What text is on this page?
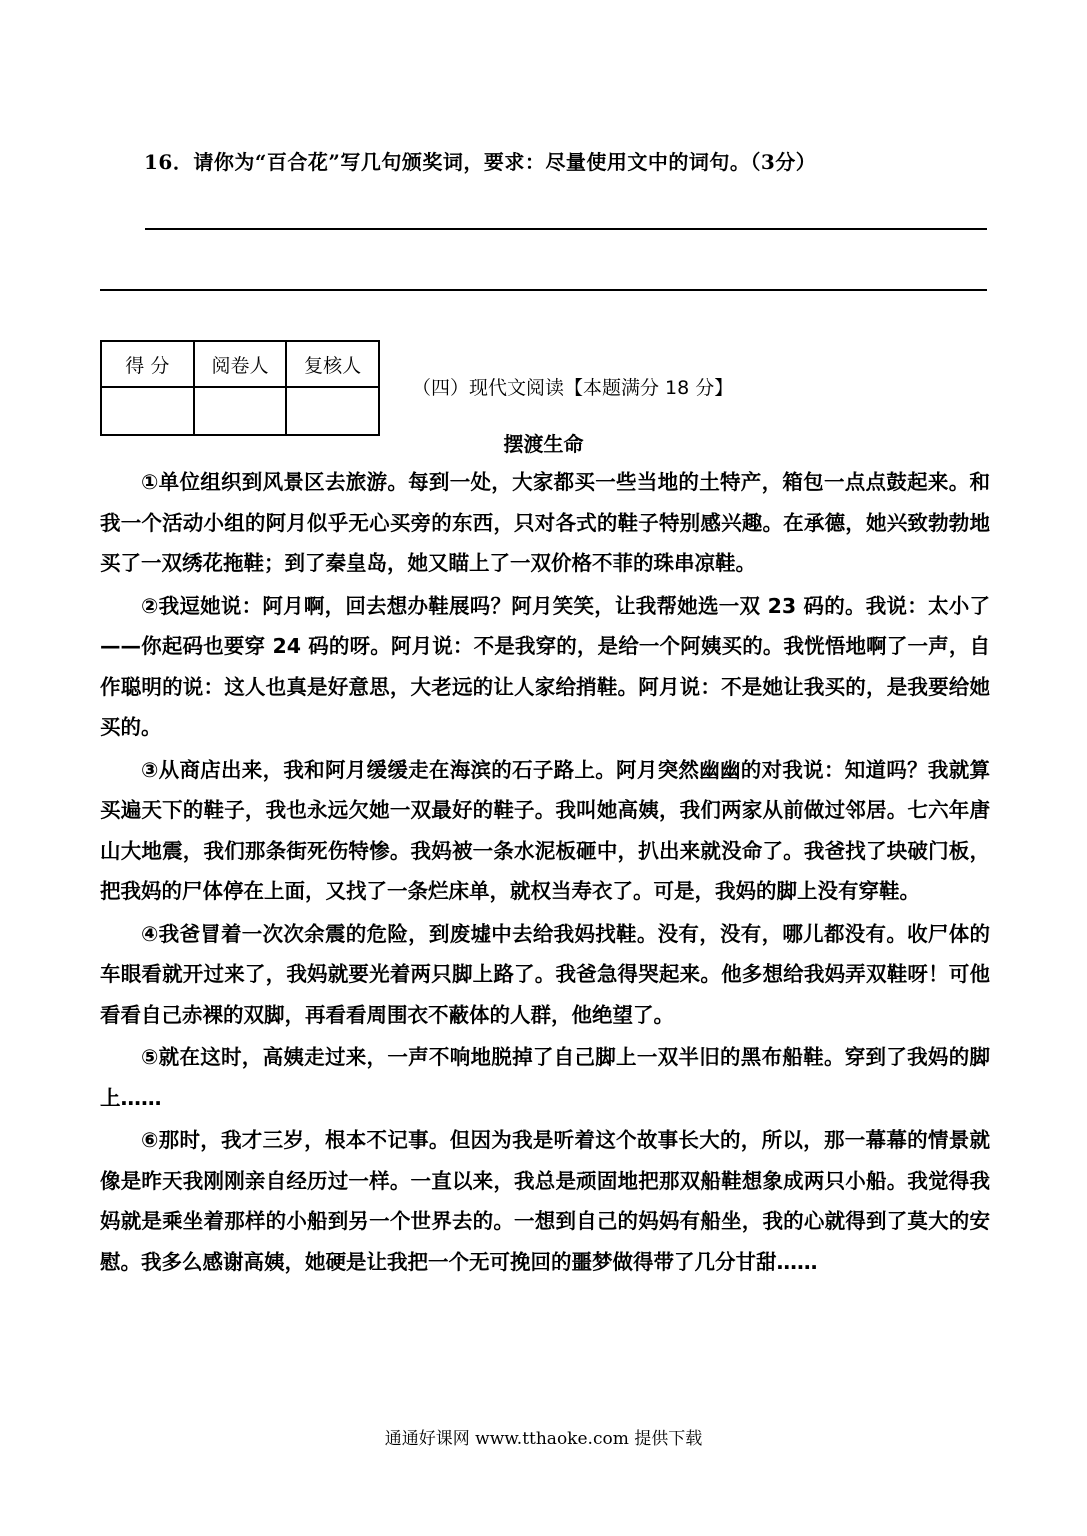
16．请你为“百合花”写几句颁奖词，要求：尽量使用文中的词句。（3分）
得 分	阅卷人	复核人

（四）现代文阅读【本题满分 18 分】
摆渡生命

①单位组织到风景区去旅游。每到一处，大家都买一些当地的土特产，箱包一点点鼓起来。和我一个活动小组的阿月似乎无心买旁的东西，只对各式的鞋子特别感兴趣。在承德，她兴致勃勃地买了一双绣花拖鞋；到了秦皇岛，她又瞄上了一双价格不菲的珠串凉鞋。

②我逗她说：阿月啊，回去想办鞋展吗？阿月笑笑，让我帮她选一双 23 码的。我说：太小了——你起码也要穿 24 码的呀。阿月说：不是我穿的，是给一个阿姨买的。我恍悟地啊了一声，自作聪明的说：这人也真是好意思，大老远的让人家给捎鞋。阿月说：不是她让我买的，是我要给她买的。

③从商店出来，我和阿月缓缓走在海滨的石子路上。阿月突然幽幽的对我说：知道吗？我就算买遍天下的鞋子，我也永远欠她一双最好的鞋子。我叫她高姨，我们两家从前做过邻居。七六年唐山大地震，我们那条街死伤特惨。我妈被一条水泥板砸中，扒出来就没命了。我爸找了块破门板，把我妈的尸体停在上面，又找了一条烂床单，就权当寿衣了。可是，我妈的脚上没有穿鞋。

④我爸冒着一次次余震的危险，到废墟中去给我妈找鞋。没有，没有，哪儿都没有。收尸体的车眼看就开过来了，我妈就要光着两只脚上路了。我爸急得哭起来。他多想给我妈弄双鞋呀！可他看看自己赤裸的双脚，再看看周围衣不蔽体的人群，他绝望了。

⑤就在这时，高姨走过来，一声不响地脱掉了自己脚上一双半旧的黑布船鞋。穿到了我妈的脚上……

⑥那时，我才三岁，根本不记事。但因为我是听着这个故事长大的，所以，那一幕幕的情景就像是昨天我刚刚亲自经历过一样。一直以来，我总是顽固地把那双船鞋想象成两只小船。我觉得我妈就是乘坐着那样的小船到另一个世界去的。一想到自己的妈妈有船坐，我的心就得到了莫大的安慰。我多么感谢高姨，她硬是让我把一个无可挽回的噩梦做得带了几分甘甜……

通通好课网 www.tthaoke.com 提供下载
